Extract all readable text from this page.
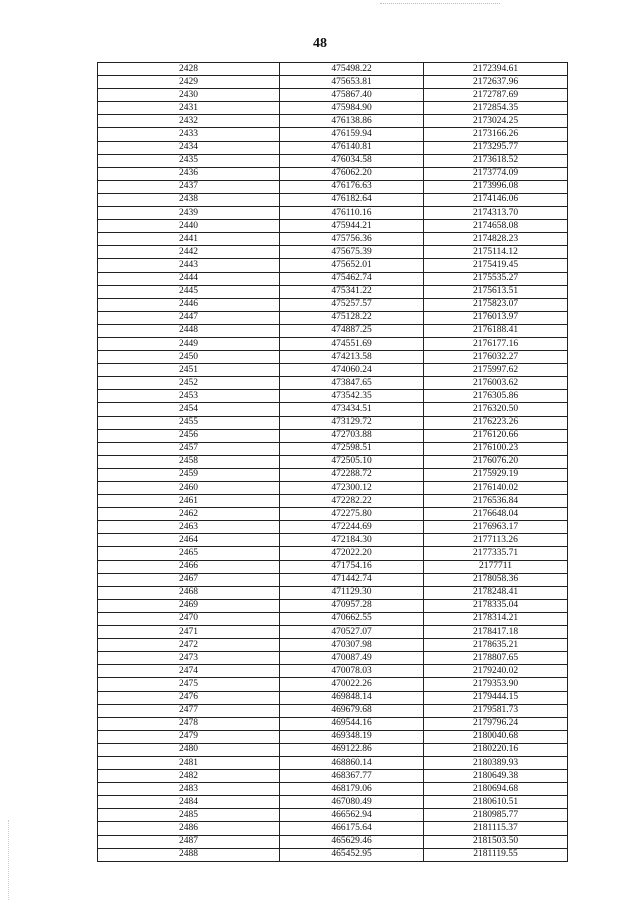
48
2428	475498.22	2172394.61
2429	475653.81	2172637.96
2430	475867.40	2172787.69
2431	475984.90	2172854.35
2432	476138.86	2173024.25
2433	476159.94	2173166.26
2434	476140.81	2173295.77
2435	476034.58	2173618.52
2436	476062.20	2173774.09
2437	476176.63	2173996.08
2438	476182.64	2174146.06
2439	476110.16	2174313.70
2440	475944.21	2174658.08
2441	475756.36	2174828.23
2442	475675.39	2175114.12
2443	475652.01	2175419.45
2444	475462.74	2175535.27
2445	475341.22	2175613.51
2446	475257.57	2175823.07
2447	475128.22	2176013.97
2448	474887.25	2176188.41
2449	474551.69	2176177.16
2450	474213.58	2176032.27
2451	474060.24	2175997.62
2452	473847.65	2176003.62
2453	473542.35	2176305.86
2454	473434.51	2176320.50
2455	473129.72	2176223.26
2456	472703.88	2176120.66
2457	472598.51	2176100.23
2458	472505.10	2176076.20
2459	472288.72	2175929.19
2460	472300.12	2176140.02
2461	472282.22	2176536.84
2462	472275.80	2176648.04
2463	472244.69	2176963.17
2464	472184.30	2177113.26
2465	472022.20	2177335.71
2466	471754.16	2177711
2467	471442.74	2178058.36
2468	471129.30	2178248.41
2469	470957.28	2178335.04
2470	470662.55	2178314.21
2471	470527.07	2178417.18
2472	470307.98	2178635.21
2473	470087.49	2178807.65
2474	470078.03	2179240.02
2475	470022.26	2179353.90
2476	469848.14	2179444.15
2477	469679.68	2179581.73
2478	469544.16	2179796.24
2479	469348.19	2180040.68
2480	469122.86	2180220.16
2481	468860.14	2180389.93
2482	468367.77	2180649.38
2483	468179.06	2180694.68
2484	467080.49	2180610.51
2485	466562.94	2180985.77
2486	466175.64	2181115.37
2487	465629.46	2181503.50
2488	465452.95	2181119.55
